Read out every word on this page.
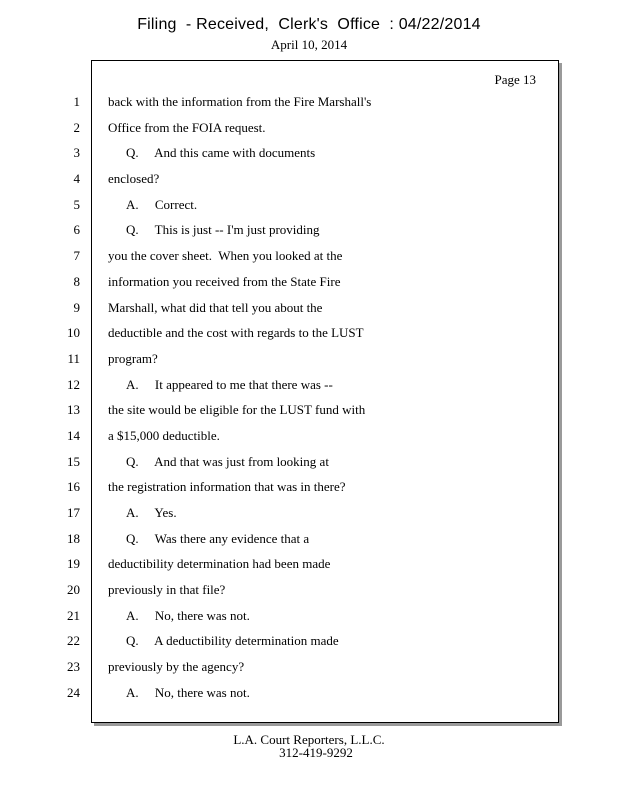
Filing  - Received,  Clerk's  Office  : 04/22/2014
April 10, 2014
Page 13
1 back with the information from the Fire Marshall's
2 Office from the FOIA request.
3	Q.     And this came with documents
4 enclosed?
5	A.     Correct.
6	Q.     This is just -- I'm just providing
7 you the cover sheet.  When you looked at the
8 information you received from the State Fire
9 Marshall, what did that tell you about the
10 deductible and the cost with regards to the LUST
11 program?
12	A.     It appeared to me that there was --
13 the site would be eligible for the LUST fund with
14 a $15,000 deductible.
15	Q.     And that was just from looking at
16 the registration information that was in there?
17	A.     Yes.
18	Q.     Was there any evidence that a
19 deductibility determination had been made
20 previously in that file?
21	A.     No, there was not.
22	Q.     A deductibility determination made
23 previously by the agency?
24	A.     No, there was not.
L.A. Court Reporters, L.L.C.
312-419-9292
